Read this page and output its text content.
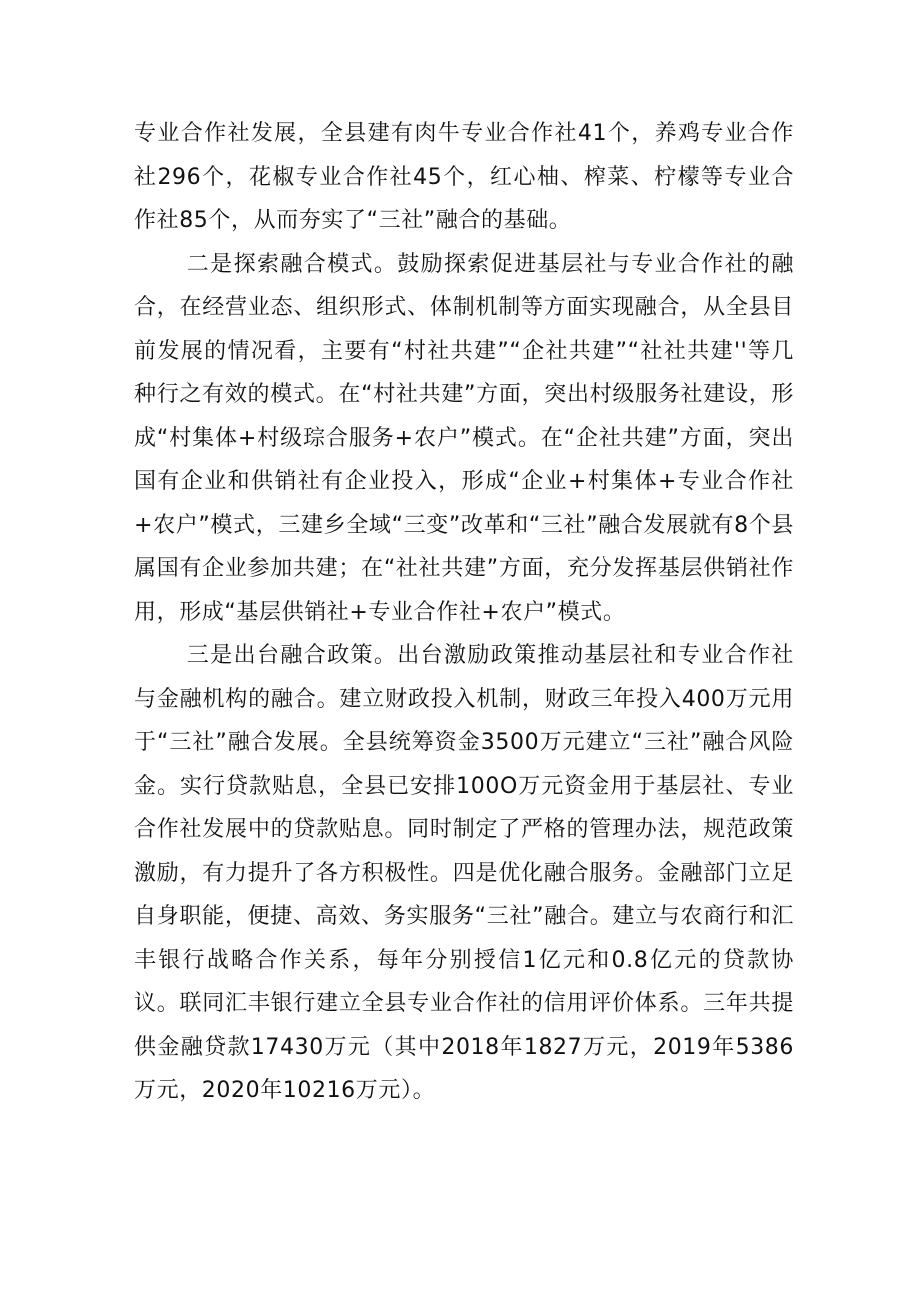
专业合作社发展，全县建有肉牛专业合作社41个，养鸡专业合作社296个，花椒专业合作社45个，红心柚、榨菜、柠檬等专业合作社85个，从而夯实了“三社”融合的基础。

二是探索融合模式。鼓励探索促进基层社与专业合作社的融合，在经营业态、组织形式、体制机制等方面实现融合，从全县目前发展的情况看，主要有“村社共建”“企社共建”“社社共建''等几种行之有效的模式。在“村社共建”方面，突出村级服务社建设，形成“村集体+村级琮合服务+农户”模式。在“企社共建”方面，突出国有企业和供销社有企业投入，形成“企业+村集体+专业合作社+农户”模式，三建乡全域“三变”改革和“三社”融合发展就有8个县属国有企业参加共建；在“社社共建”方面，充分发挥基层供销社作用，形成“基层供销社+专业合作社+农户”模式。

三是出台融合政策。出台激励政策推动基层社和专业合作社与金融机构的融合。建立财政投入机制，财政三年投入400万元用于“三社”融合发展。全县统筹资金3500万元建立“三社”融合风险金。实行贷款贴息，全县已安排100O万元资金用于基层社、专业合作社发展中的贷款贴息。同时制定了严格的管理办法，规范政策激励，有力提升了各方积极性。四是优化融合服务。金融部门立足自身职能，便捷、高效、务实服务“三社”融合。建立与农商行和汇丰银行战略合作关系，每年分别授信1亿元和0.8亿元的贷款协议。联同汇丰银行建立全县专业合作社的信用评价体系。三年共提供金融贷款17430万元（其中2018年1827万元，2019年5386万元，2020年10216万元）。
